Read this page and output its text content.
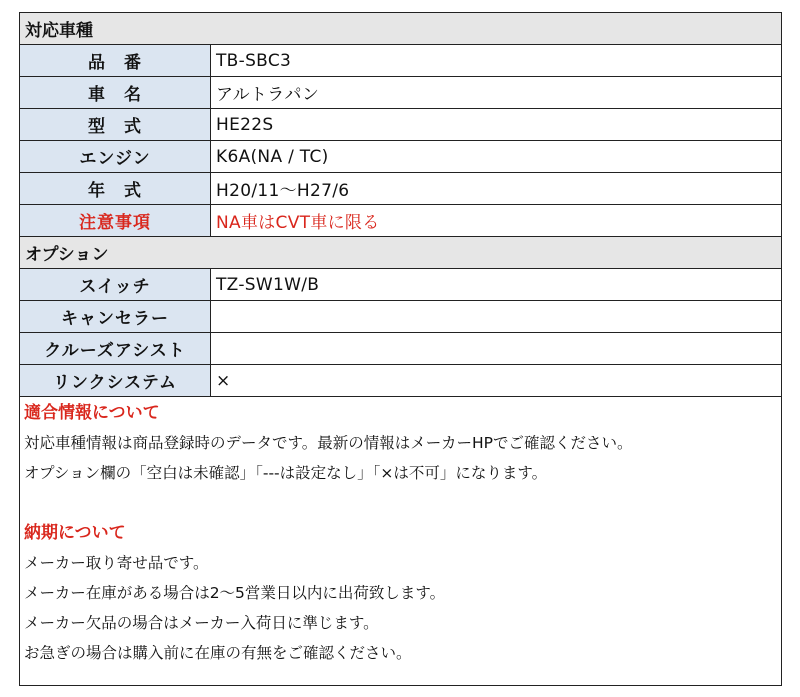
対応車種	
品　番	TB-SBC3
車　名	アルトラパン
型　式	HE22S
エンジン	K6A(NA / TC)
年　式	H20/11～H27/6
注意事項	NA車はCVT車に限る
オプション	
スイッチ	TZ-SW1W/B
キャンセラー	
クルーズアシスト	
リンクシステム	×
適合情報について
対応車種情報は商品登録時のデータです。最新の情報はメーカーHPでご確認ください。
オプション欄の「空白は未確認」「---は設定なし」「×は不可」になります。
納期について
メーカー取り寄せ品です。
メーカー在庫がある場合は2～5営業日以内に出荷致します。
メーカー欠品の場合はメーカー入荷日に準じます。
お急ぎの場合は購入前に在庫の有無をご確認ください。
